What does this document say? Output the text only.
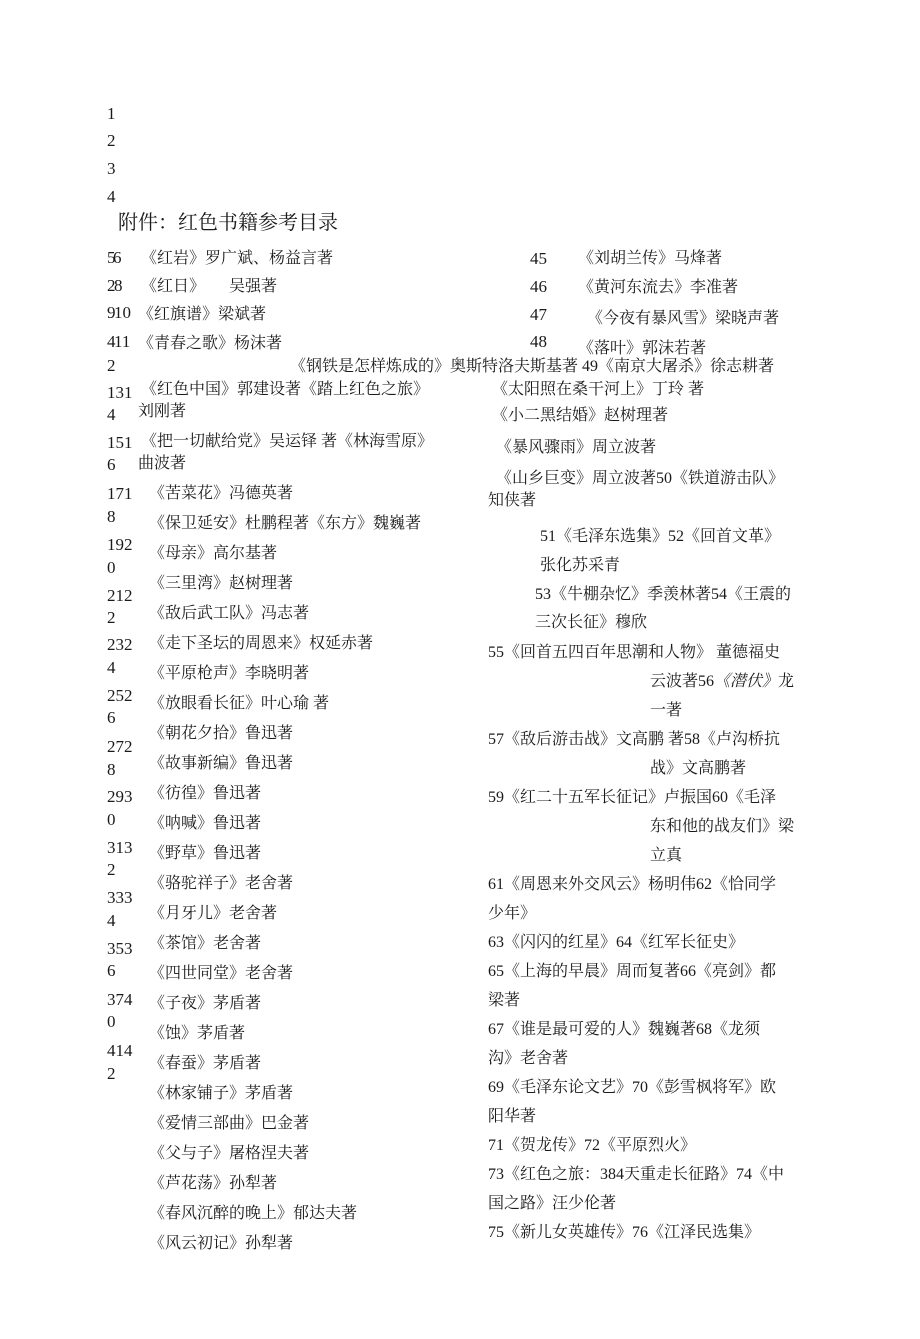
1
2
3
4
附件：红色书籍参考目录
5
6
2
8
9
10
4
11
2
131
4
151
6
171
8
192
0
212
2
232
4
252
6
272
8
293
0
313
2
333
4
353
6
374
0
414
2
《红岩》罗广斌、杨益言著
《红日》　　吴强著
《红旗谱》梁斌著
《青春之歌》杨沫著
《红色中国》郭建设著《踏上红色之旅》
刘刚著
《把一切献给党》吴运铎 著《林海雪原》
曲波著
《苦菜花》冯德英著
《保卫延安》杜鹏程著《东方》魏巍著
《母亲》高尔基著
《三里湾》赵树理著
《敌后武工队》冯志著
《走下圣坛的周恩来》权延赤著
《平原枪声》李晓明著
《放眼看长征》叶心瑜 著
《朝花夕拾》鲁迅著
《故事新编》鲁迅著
《彷徨》鲁迅著
《呐喊》鲁迅著
《野草》鲁迅著
《骆驼祥子》老舍著
《月牙儿》老舍著
《茶馆》老舍著
《四世同堂》老舍著
《子夜》茅盾著
《蚀》茅盾著
《春蚕》茅盾著
《林家铺子》茅盾著
《爱情三部曲》巴金著
《父与子》屠格涅夫著
《芦花荡》孙犁著
《春风沉醉的晚上》郁达夫著
《风云初记》孙犁著
《钢铁是怎样炼成的》奥斯特洛夫斯基著 49《南京大屠杀》徐志耕著
45
46
47
48
《刘胡兰传》马烽著
《黄河东流去》李准著
《今夜有暴风雪》梁晓声著
《落叶》郭沫若著
《太阳照在桑干河上》丁玲 著
《小二黑结婚》赵树理著
《暴风骤雨》周立波著
《山乡巨变》周立波著50《铁道游击队》
知侠著
51《毛泽东选集》52《回首文革》
张化苏采青
53《牛棚杂忆》季羡林著54《王震的
三次长征》穆欣
55《回首五四百年思潮和人物》 董德福史
云波著56《潜伏》龙
一著
57《敌后游击战》文高鹏 著58《卢沟桥抗
战》文高鹏著
59《红二十五军长征记》卢振国60《毛泽
东和他的战友们》梁
立真
61《周恩来外交风云》杨明伟62《恰同学
少年》
63《闪闪的红星》64《红军长征史》
65《上海的早晨》周而复著66《亮剑》都
梁著
67《谁是最可爱的人》魏巍著68《龙须
沟》老舍著
69《毛泽东论文艺》70《彭雪枫将军》欧
阳华著
71《贺龙传》72《平原烈火》
73《红色之旅：384天重走长征路》74《中
国之路》汪少伦著
75《新儿女英雄传》76《江泽民选集》
